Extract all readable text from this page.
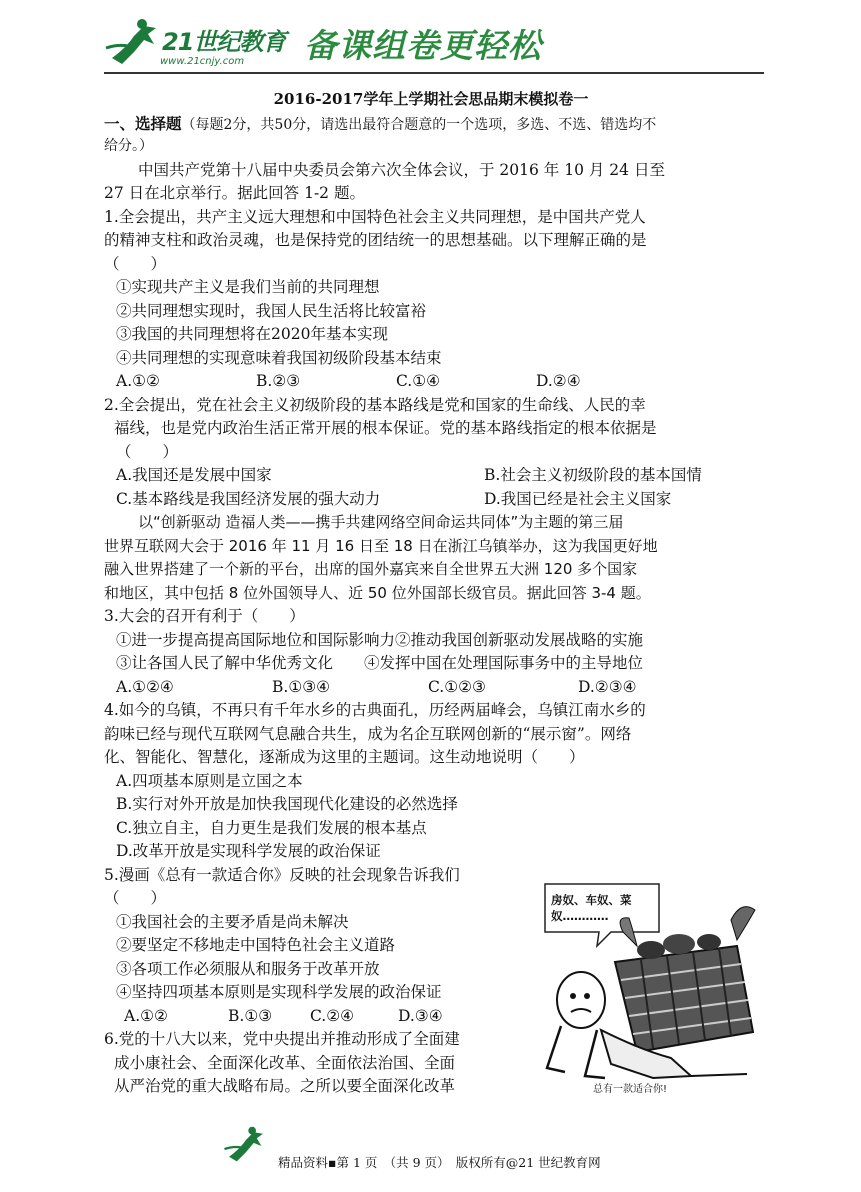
21世纪教育
www.21cnjy.com 备课组卷更轻松
2016-2017学年上学期社会思品期末模拟卷一
一、选择题（每题2分，共50分，请选出最符合题意的一个选项，多选、不选、错选均不
给分。）
中国共产党第十八届中央委员会第六次全体会议，于 2016 年 10 月 24 日至
27 日在北京举行。据此回答 1-2 题。
1.全会提出，共产主义远大理想和中国特色社会主义共同理想，是中国共产党人
的精神支柱和政治灵魂，也是保持党的团结统一的思想基础。以下理解正确的是
（　　）
①实现共产主义是我们当前的共同理想
②共同理想实现时，我国人民生活将比较富裕
③我国的共同理想将在2020年基本实现
④共同理想的实现意味着我国初级阶段基本结束
A.①②	B.②③	C.①④	D.②④
2.全会提出，党在社会主义初级阶段的基本路线是党和国家的生命线、人民的幸
福线，也是党内政治生活正常开展的根本保证。党的基本路线指定的根本依据是
（　　）
A.我国还是发展中国家	B.社会主义初级阶段的基本国情
C.基本路线是我国经济发展的强大动力	D.我国已经是社会主义国家
以“创新驱动 造福人类——携手共建网络空间命运共同体”为主题的第三届
世界互联网大会于 2016 年 11 月 16 日至 18 日在浙江乌镇举办，这为我国更好地
融入世界搭建了一个新的平台，出席的国外嘉宾来自全世界五大洲 120 多个国家
和地区，其中包括 8 位外国领导人、近 50 位外国部长级官员。据此回答 3-4 题。
3.大会的召开有利于（　　）
①进一步提高提高国际地位和国际影响力②推动我国创新驱动发展战略的实施
③让各国人民了解中华优秀文化　　④发挥中国在处理国际事务中的主导地位
A.①②④	B.①③④	C.①②③	D.②③④
4.如今的乌镇，不再只有千年水乡的古典面孔，历经两届峰会，乌镇江南水乡的
韵味已经与现代互联网气息融合共生，成为名企互联网创新的“展示窗”。网络
化、智能化、智慧化，逐渐成为这里的主题词。这生动地说明（　　）
A.四项基本原则是立国之本
B.实行对外开放是加快我国现代化建设的必然选择
C.独立自主，自力更生是我们发展的根本基点
D.改革开放是实现科学发展的政治保证
5.漫画《总有一款适合你》反映的社会现象告诉我们
（　　）
①我国社会的主要矛盾是尚未解决
②要坚定不移地走中国特色社会主义道路
③各项工作必须服从和服务于改革开放
④坚持四项基本原则是实现科学发展的政治保证
A.①②	B.①③	C.②④	D.③④
6.党的十八大以来，党中央提出并推动形成了全面建
成小康社会、全面深化改革、全面依法治国、全面
从严治党的重大战略布局。之所以要全面深化改革
房奴、车奴、菜奴…………
总有一款适合你!
精品资料▪第 1 页　（共 9 页）　版权所有@21 世纪教育网
